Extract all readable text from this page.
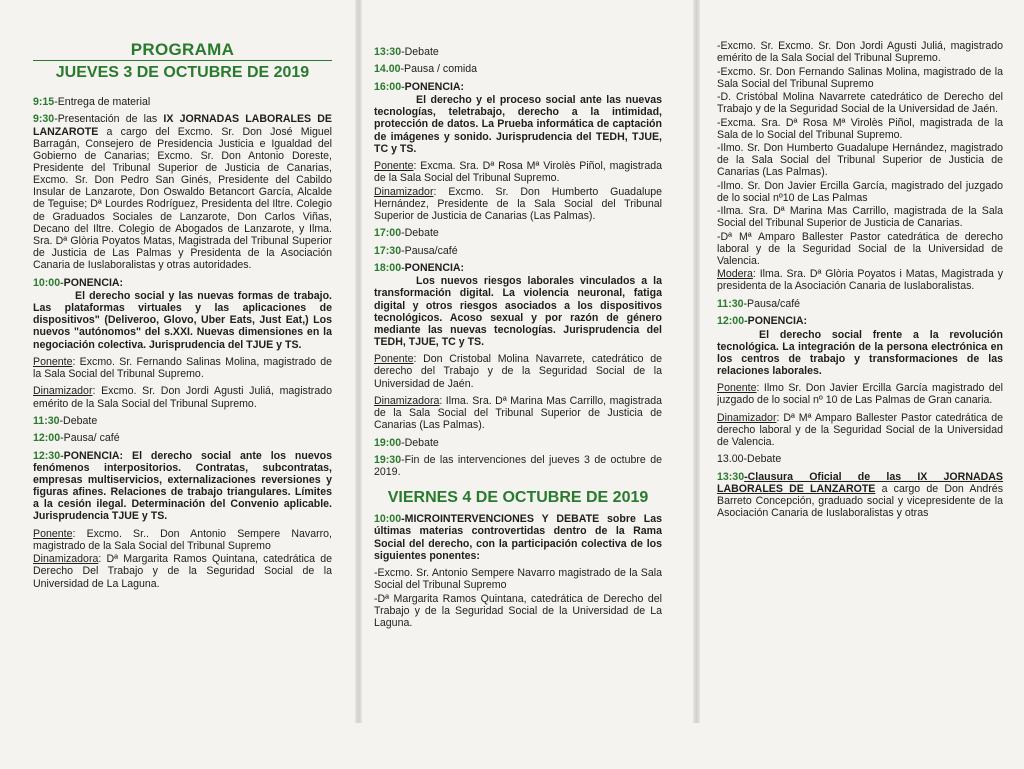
PROGRAMA
JUEVES 3 DE OCTUBRE DE 2019

9:15-Entrega de material

9:30-Presentación de las IX JORNADAS LABORALES DE LANZAROTE a cargo del Excmo. Sr. Don José Miguel Barragán, Consejero de Presidencia Justicia e Igualdad del Gobierno de Canarias; Excmo. Sr. Don Antonio Doreste, Presidente del Tribunal Superior de Justicia de Canarias, Excmo. Sr. Don Pedro San Ginés, Presidente del Cabildo Insular de Lanzarote, Don Oswaldo Betancort García, Alcalde de Teguise; Dª Lourdes Rodríguez, Presidenta del Iltre. Colegio de Graduados Sociales de Lanzarote, Don Carlos Viñas, Decano del Iltre. Colegio de Abogados de Lanzarote, y Ilma. Sra. Dª Glòria Poyatos Matas, Magistrada del Tribunal Superior de Justicia de Las Palmas y Presidenta de la Asociación Canaria de Iuslaboralistas y otras autoridades.

10:00-PONENCIA:

El derecho social y las nuevas formas de trabajo. Las plataformas virtuales y las aplicaciones de dispositivos" (Deliveroo, Glovo, Uber Eats, Just Eat,) Los nuevos "autónomos" del s.XXI. Nuevas dimensiones en la negociación colectiva. Jurisprudencia del TJUE y TS.

Ponente: Excmo. Sr. Fernando Salinas Molina, magistrado de la Sala Social del Tribunal Supremo.

Dinamizador: Excmo. Sr. Don Jordi Agusti Juliá, magistrado emérito de la Sala Social del Tribunal Supremo.

11:30-Debate

12:00-Pausa/ café

12:30-PONENCIA: El derecho social ante los nuevos fenómenos interpositorios. Contratas, subcontratas, empresas multiservicios, externalizaciones reversiones y figuras afines. Relaciones de trabajo triangulares. Límites a la cesión ilegal. Determinación del Convenio aplicable. Jurisprudencia TJUE y TS.

Ponente: Excmo. Sr.. Don Antonio Sempere Navarro, magistrado de la Sala Social del Tribunal Supremo

Dinamizadora: Dª Margarita Ramos Quintana, catedrática de Derecho Del Trabajo y de la Seguridad Social de la Universidad de La Laguna.

13:30-Debate

14.00-Pausa / comida

16:00-PONENCIA:

El derecho y el proceso social ante las nuevas tecnologías, teletrabajo, derecho a la intimidad, protección de datos. La Prueba informática de captación de imágenes y sonido. Jurisprudencia del TEDH, TJUE, TC y TS.

Ponente: Excma. Sra. Dª Rosa Mª Virolès Piñol, magistrada de la Sala Social del Tribunal Supremo.

Dinamizador: Excmo. Sr. Don Humberto Guadalupe Hernández, Presidente de la Sala Social del Tribunal Superior de Justicia de Canarias (Las Palmas).

17:00-Debate

17:30-Pausa/café

18:00-PONENCIA:

Los nuevos riesgos laborales vinculados a la transformación digital. La violencia neuronal, fatiga digital y otros riesgos asociados a los dispositivos tecnológicos. Acoso sexual y por razón de género mediante las nuevas tecnologías. Jurisprudencia del TEDH, TJUE, TC y TS.

Ponente: Don Cristobal Molina Navarrete, catedrático de derecho del Trabajo y de la Seguridad Social de la Universidad de Jaén.

Dinamizadora: Ilma. Sra. Dª Marina Mas Carrillo, magistrada de la Sala Social del Tribunal Superior de Justicia de Canarias (Las Palmas).

19:00-Debate

19:30-Fin de las intervenciones del jueves 3 de octubre de 2019.

VIERNES 4 DE OCTUBRE DE 2019

10:00-MICROINTERVENCIONES Y DEBATE sobre Las últimas materias controvertidas dentro de la Rama Social del derecho, con la participación colectiva de los siguientes ponentes:

-Excmo. Sr. Antonio Sempere Navarro magistrado de la Sala Social del Tribunal Supremo

-Dª Margarita Ramos Quintana, catedrática de Derecho del Trabajo y de la Seguridad Social de la Universidad de La Laguna.

-Excmo. Sr. Excmo. Sr. Don Jordi Agusti Juliá, magistrado emérito de la Sala Social del Tribunal Supremo.

-Excmo. Sr. Don Fernando Salinas Molina, magistrado de la Sala Social del Tribunal Supremo

-D. Cristóbal Molina Navarrete catedrático de Derecho del Trabajo y de la Seguridad Social de la Universidad de Jaén.

-Excma. Sra. Dª Rosa Mª Virolès Piñol, magistrada de la Sala de lo Social del Tribunal Supremo.

-Ilmo. Sr. Don Humberto Guadalupe Hernández, magistrado de la Sala Social del Tribunal Superior de Justicia de Canarias (Las Palmas).

-Ilmo. Sr. Don Javier Ercilla García, magistrado del juzgado de lo social nº10 de Las Palmas

-Ilma. Sra. Dª Marina Mas Carrillo, magistrada de la Sala Social del Tribunal Superior de Justicia de Canarias.

-Dª Mª Amparo Ballester Pastor catedrática de derecho laboral y de la Seguridad Social de la Universidad de Valencia.

Modera: Ilma. Sra. Dª Glòria Poyatos i Matas, Magistrada y presidenta de la Asociación Canaria de Iuslaboralistas.

11:30-Pausa/café

12:00-PONENCIA:

El derecho social frente a la revolución tecnológica. La integración de la persona electrónica en los centros de trabajo y transformaciones de las relaciones laborales.

Ponente: Ilmo Sr. Don Javier Ercilla García magistrado del juzgado de lo social nº 10 de Las Palmas de Gran canaria.

Dinamizador: Dª Mª Amparo Ballester Pastor catedrática de derecho laboral y de la Seguridad Social de la Universidad de Valencia.

13.00-Debate

13:30-Clausura Oficial de las IX JORNADAS LABORALES DE LANZAROTE a cargo de Don Andrés Barreto Concepción, graduado social y vicepresidente de la Asociación Canaria de Iuslaboralistas y otras
